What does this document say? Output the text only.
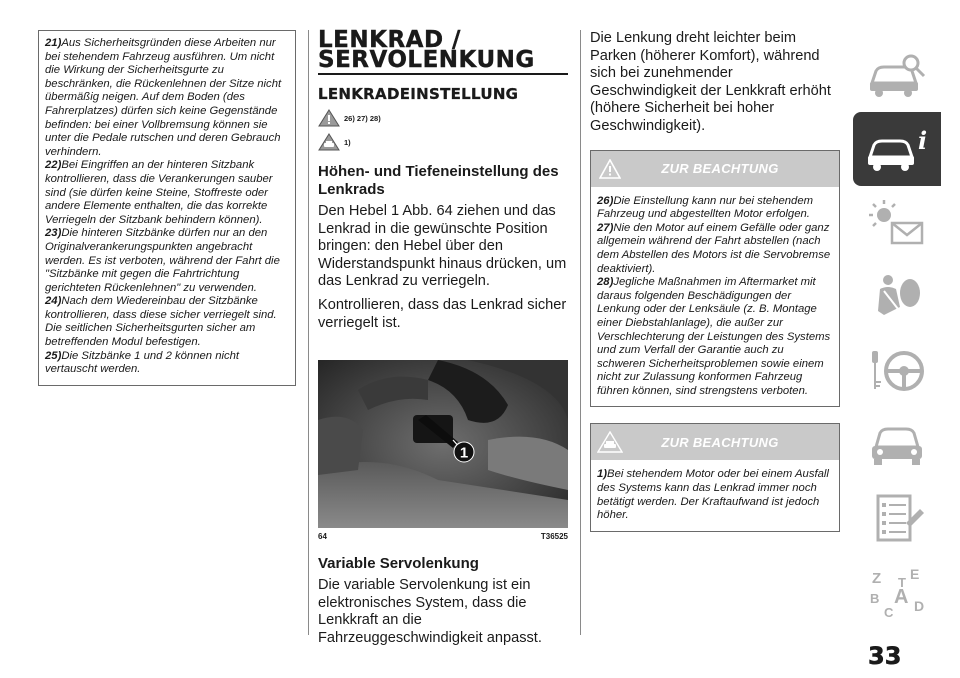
21)Aus Sicherheitsgründen diese Arbeiten nur bei stehendem Fahrzeug ausführen. Um nicht die Wirkung der Sicherheitsgurte zu beschränken, die Rückenlehnen der Sitze nicht übermäßig neigen. Auf dem Boden (des Fahrerplatzes) dürfen sich keine Gegenstände befinden: bei einer Vollbremsung können sie unter die Pedale rutschen und deren Gebrauch verhindern.

22)Bei Eingriffen an der hinteren Sitzbank kontrollieren, dass die Verankerungen sauber sind (sie dürfen keine Steine, Stoffreste oder andere Elemente enthalten, die das korrekte Verriegeln der Sitzbank behindern können).

23)Die hinteren Sitzbänke dürfen nur an den Originalverankerungspunkten angebracht werden. Es ist verboten, während der Fahrt die "Sitzbänke mit gegen die Fahrtrichtung gerichteten Rückenlehnen" zu verwenden.

24)Nach dem Wiedereinbau der Sitzbänke kontrollieren, dass diese sicher verriegelt sind. Die seitlichen Sicherheitsgurten sicher am betreffenden Modul befestigen.

25)Die Sitzbänke 1 und 2 können nicht vertauscht werden.

LENKRAD /
SERVOLENKUNG
LENKRADEINSTELLUNG
26) 27) 28)
1)
Höhen- und Tiefeneinstellung des Lenkrads
Den Hebel 1 Abb. 64 ziehen und das Lenkrad in die gewünschte Position bringen: den Hebel über den Widerstandspunkt hinaus drücken, um das Lenkrad zu verriegeln.
Kontrollieren, dass das Lenkrad sicher verriegelt ist.
1
64	T36525
Variable Servolenkung
Die variable Servolenkung ist ein elektronisches System, dass die Lenkkraft an die Fahrzeuggeschwindigkeit anpasst.
Die Lenkung dreht leichter beim Parken (höherer Komfort), während sich bei zunehmender Geschwindigkeit der Lenkkraft erhöht (höhere Sicherheit bei hoher Geschwindigkeit).
ZUR BEACHTUNG

26)Die Einstellung kann nur bei stehendem Fahrzeug und abgestellten Motor erfolgen.

27)Nie den Motor auf einem Gefälle oder ganz allgemein während der Fahrt abstellen (nach dem Abstellen des Motors ist die Servobremse deaktiviert).

28)Jegliche Maßnahmen im Aftermarket mit daraus folgenden Beschädigungen der Lenkung oder der Lenksäule (z. B. Montage einer Diebstahlanlage), die außer zur Verschlechterung der Leistungen des Systems und zum Verfall der Garantie auch zu schweren Sicherheitsproblemen sowie einem nicht zur Zulassung konformen Fahrzeug führen können, sind strengstens verboten.

ZUR BEACHTUNG

1)Bei stehendem Motor oder bei einem Ausfall des Systems kann das Lenkrad immer noch betätigt werden. Der Kraftaufwand ist jedoch höher.

i
Z E
B A
C D
T
33
